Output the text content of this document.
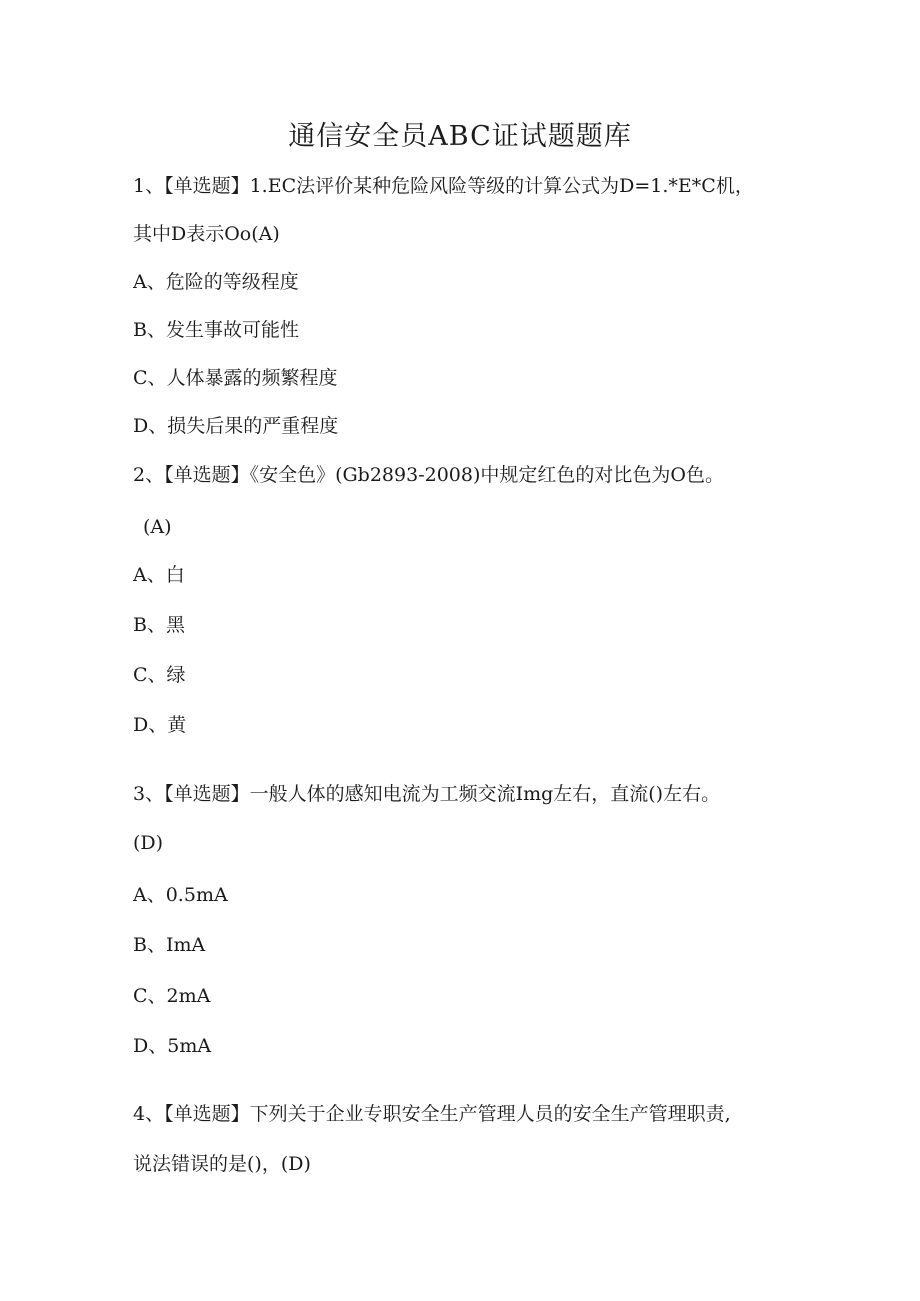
通信安全员ABC证试题题库
1、【单选题】1.EC法评价某种危险风险等级的计算公式为D=1.*E*C机，
其中D表示Oo(A)
A、危险的等级程度
B、发生事故可能性
C、人体暴露的频繁程度
D、损失后果的严重程度
2、【单选题】《安全色》(Gb2893-2008)中规定红色的对比色为O色。
(A)
A、白
B、黑
C、绿
D、黄
3、【单选题】一般人体的感知电流为工频交流Img左右，直流()左右。
(D)
A、0.5mA
B、ImA
C、2mA
D、5mA
4、【单选题】下列关于企业专职安全生产管理人员的安全生产管理职责,
说法错误的是()，(D)
